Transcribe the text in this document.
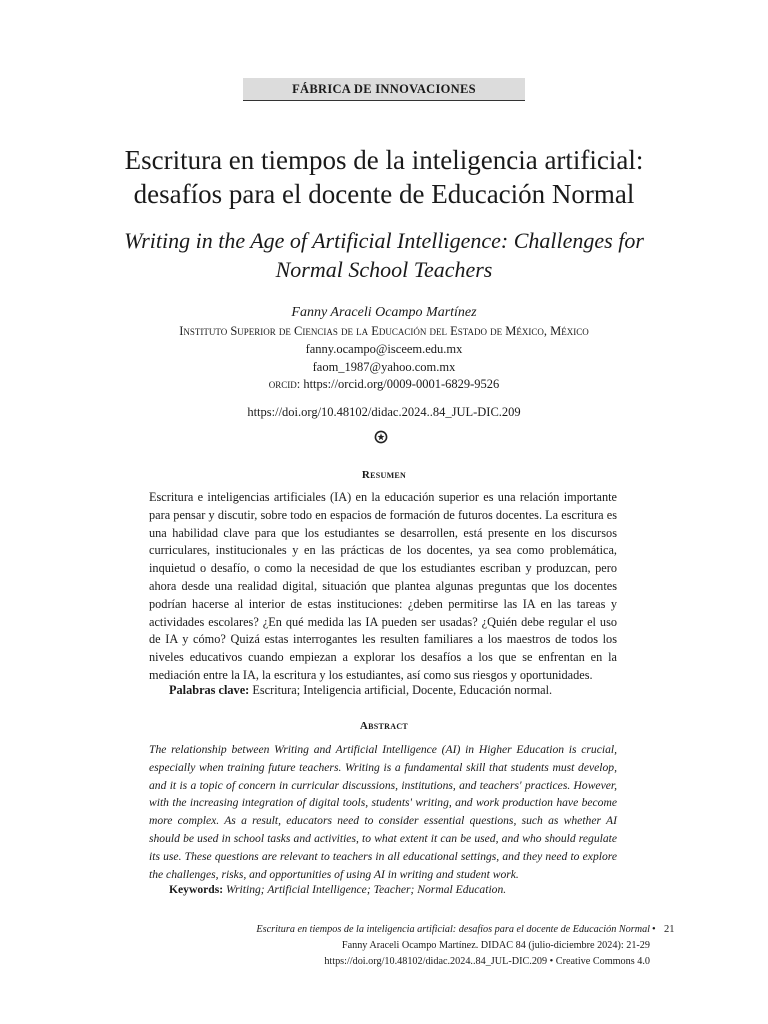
FÁBRICA DE INNOVACIONES
Escritura en tiempos de la inteligencia artificial:
desafíos para el docente de Educación Normal
Writing in the Age of Artificial Intelligence: Challenges for
Normal School Teachers
Fanny Araceli Ocampo Martínez
Instituto Superior de Ciencias de la Educación del Estado de México, México
fanny.ocampo@isceem.edu.mx
faom_1987@yahoo.com.mx
orcid: https://orcid.org/0009-0001-6829-9526
https://doi.org/10.48102/didac.2024..84_JUL-DIC.209
Resumen
Escritura e inteligencias artificiales (IA) en la educación superior es una relación importante para pensar y discutir, sobre todo en espacios de formación de futuros docentes. La escritura es una habilidad clave para que los estudiantes se desarrollen, está presente en los discursos curriculares, institucionales y en las prácticas de los docentes, ya sea como problemática, inquietud o desafío, o como la necesidad de que los estudiantes escriban y produzcan, pero ahora desde una realidad digital, situación que plantea algunas preguntas que los docentes podrían hacerse al interior de estas instituciones: ¿deben permitirse las IA en las tareas y actividades escolares? ¿En qué medida las IA pueden ser usadas? ¿Quién debe regular el uso de IA y cómo? Quizá estas interrogantes les resulten familiares a los maestros de todos los niveles educativos cuando empiezan a explorar los desafíos a los que se enfrentan en la mediación entre la IA, la escritura y los estudiantes, así como sus riesgos y oportunidades.
Palabras clave: Escritura; Inteligencia artificial, Docente, Educación normal.
Abstract
The relationship between Writing and Artificial Intelligence (AI) in Higher Education is crucial, especially when training future teachers. Writing is a fundamental skill that students must develop, and it is a topic of concern in curricular discussions, institutions, and teachers' practices. However, with the increasing integration of digital tools, students' writing, and work production have become more complex. As a result, educators need to consider essential questions, such as whether AI should be used in school tasks and activities, to what extent it can be used, and who should regulate its use. These questions are relevant to teachers in all educational settings, and they need to explore the challenges, risks, and opportunities of using AI in writing and student work.
Keywords: Writing; Artificial Intelligence; Teacher; Normal Education.
Escritura en tiempos de la inteligencia artificial: desafíos para el docente de Educación Normal • 21
Fanny Araceli Ocampo Martínez. DIDAC 84 (julio-diciembre 2024): 21-29
https://doi.org/10.48102/didac.2024..84_JUL-DIC.209 • Creative Commons 4.0
